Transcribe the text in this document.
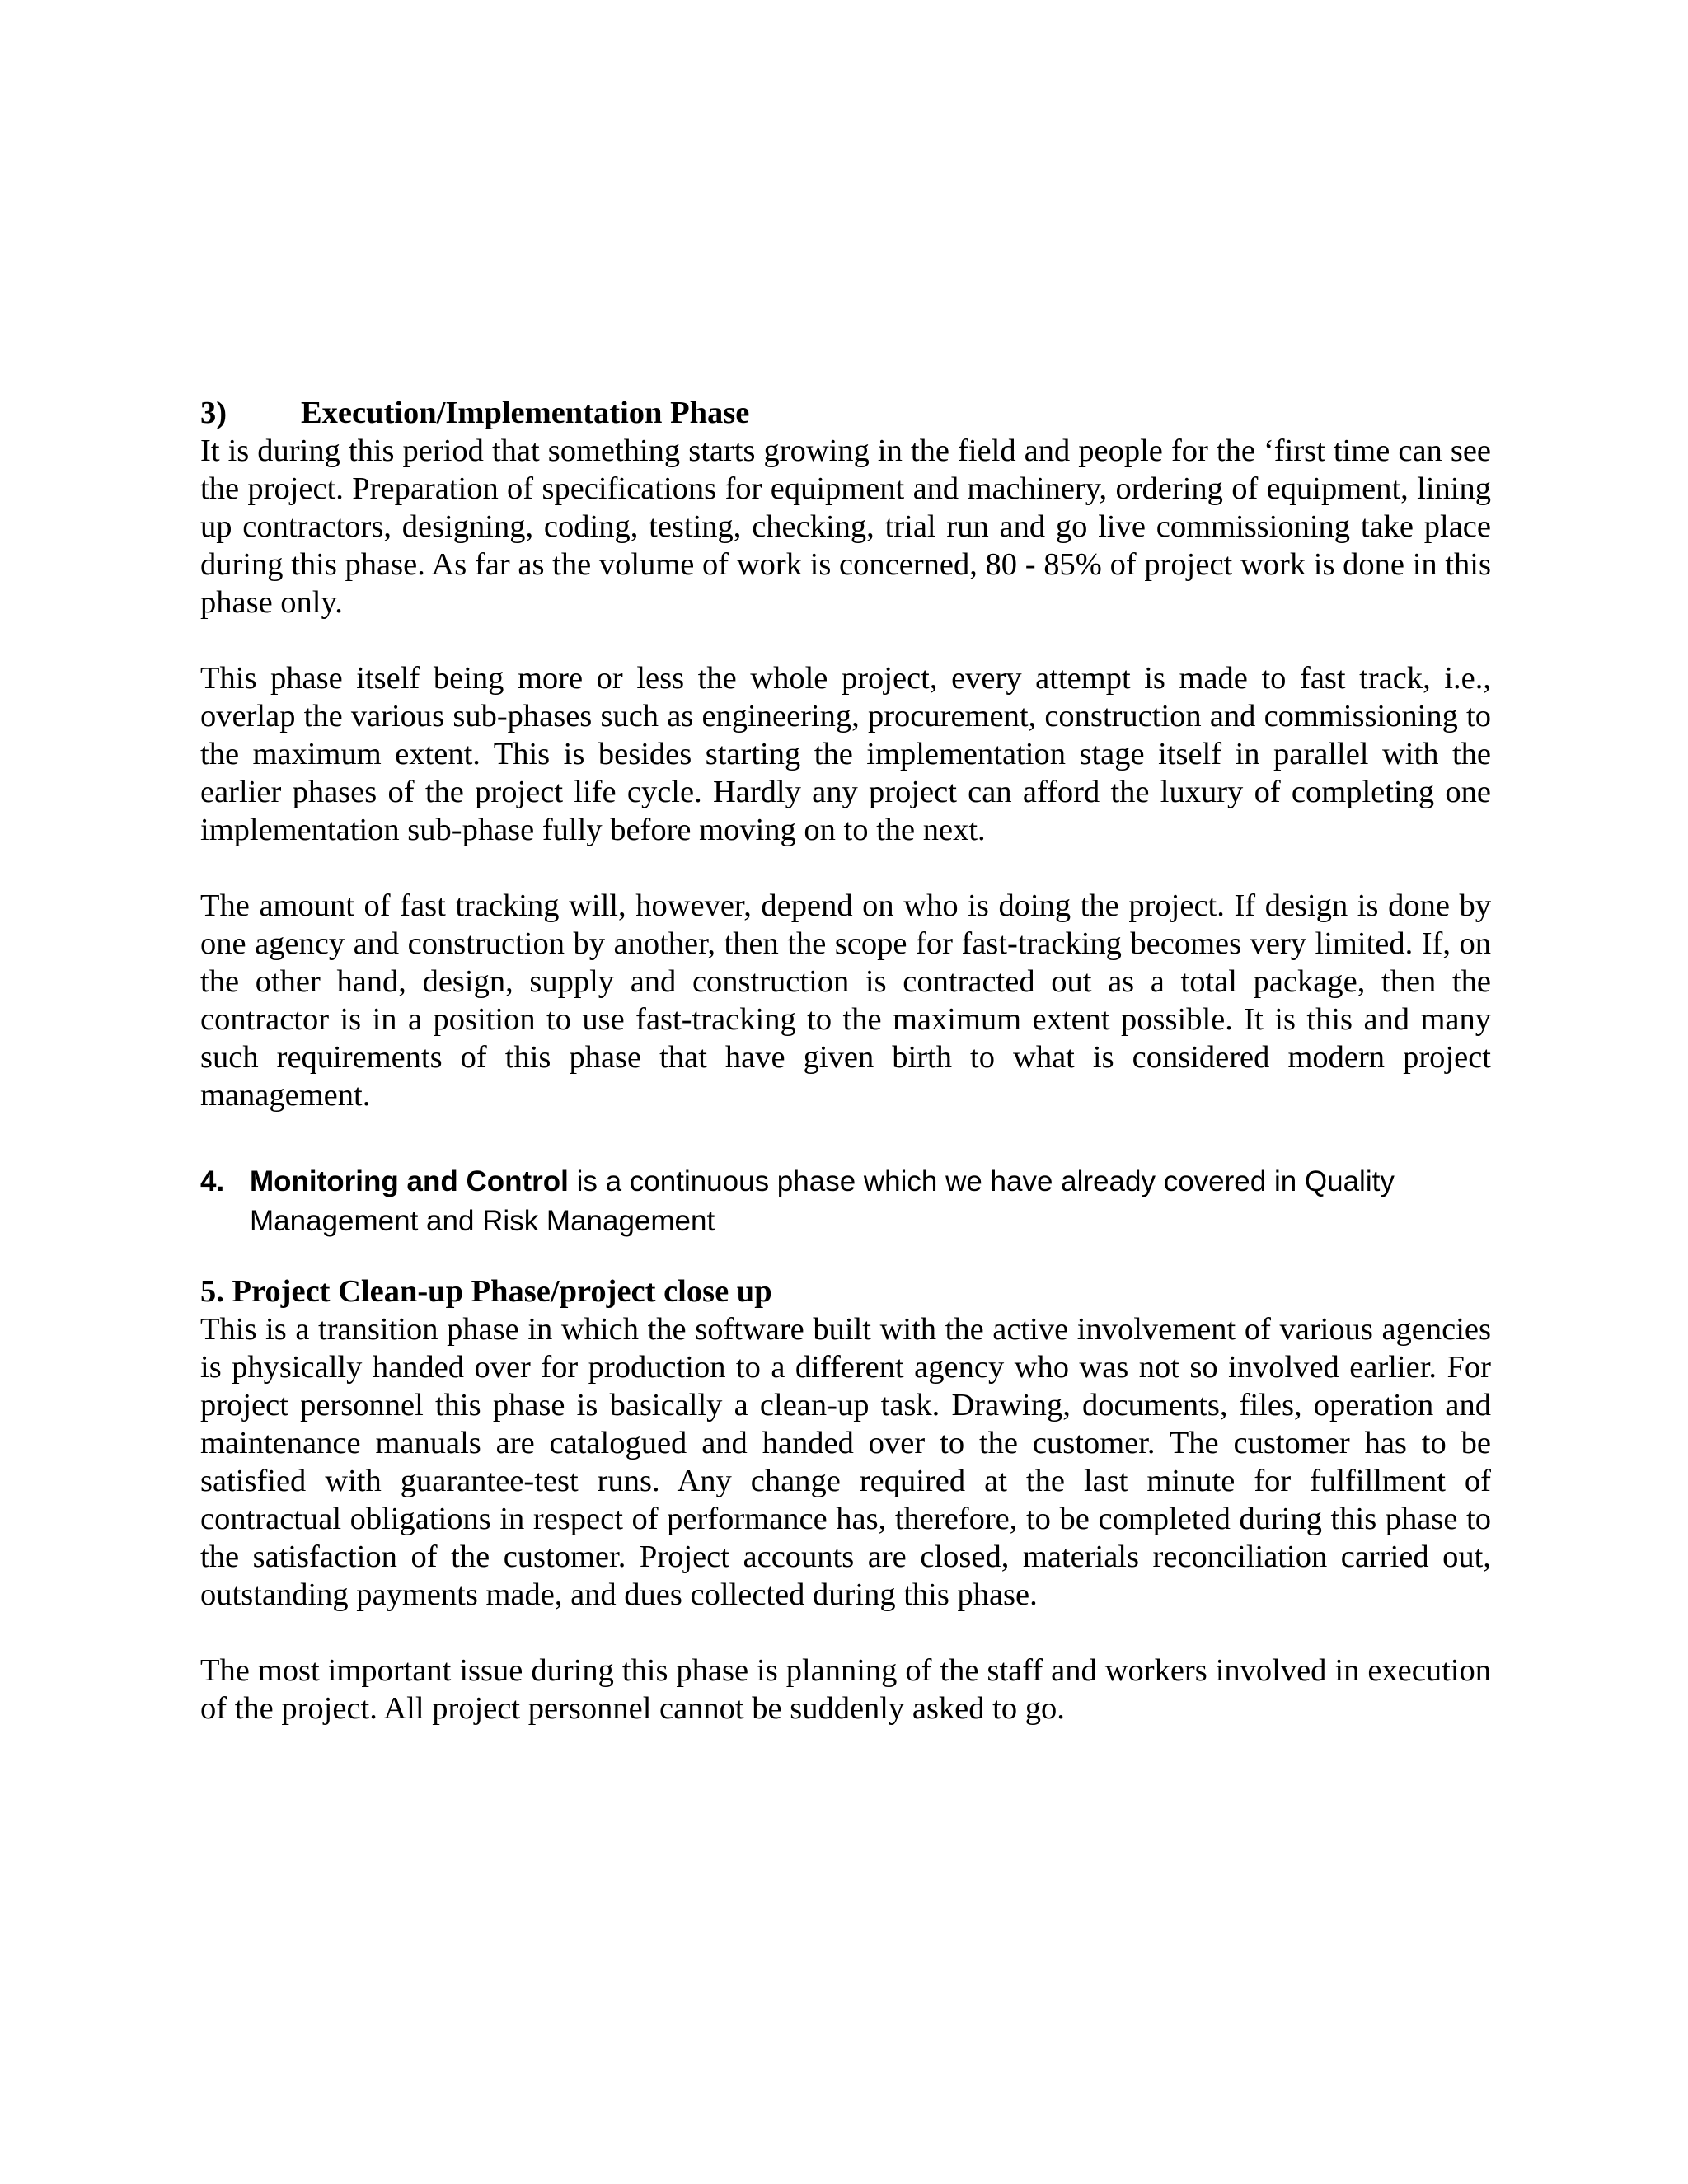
3)	Execution/Implementation Phase

It is during this period that something starts growing in the field and people for the ‘first time can see the project. Preparation of specifications for equipment and machinery, ordering of equipment, lining up contractors, designing, coding, testing, checking, trial run and go live commissioning take place during this phase. As far as the volume of work is concerned, 80 - 85% of project work is done in this phase only.

This phase itself being more or less the whole project, every attempt is made to fast track, i.e., overlap the various sub-phases such as engineering, procurement, construction and commissioning to the maximum extent. This is besides starting the implementation stage itself in parallel with the earlier phases of the project life cycle. Hardly any project can afford the luxury of completing one implementation sub-phase fully before moving on to the next.

The amount of fast tracking will, however, depend on who is doing the project. If design is done by one agency and construction by another, then the scope for fast-tracking becomes very limited. If, on the other hand, design, supply and construction is contracted out as a total package, then the contractor is in a position to use fast-tracking to the maximum extent possible. It is this and many such requirements of this phase that have given birth to what is considered modern project management.

4. Monitoring and Control is a continuous phase which we have already covered in Quality Management and Risk Management
5. Project Clean-up Phase/project close up

This is a transition phase in which the software built with the active involvement of various agencies is physically handed over for production to a different agency who was not so involved earlier. For project personnel this phase is basically a clean-up task. Drawing, documents, files, operation and maintenance manuals are catalogued and handed over to the customer. The customer has to be satisfied with guarantee-test runs. Any change required at the last minute for fulfillment of contractual obligations in respect of performance has, therefore, to be completed during this phase to the satisfaction of the customer. Project accounts are closed, materials reconciliation carried out, outstanding payments made, and dues collected during this phase.

The most important issue during this phase is planning of the staff and workers involved in execution of the project. All project personnel cannot be suddenly asked to go.
